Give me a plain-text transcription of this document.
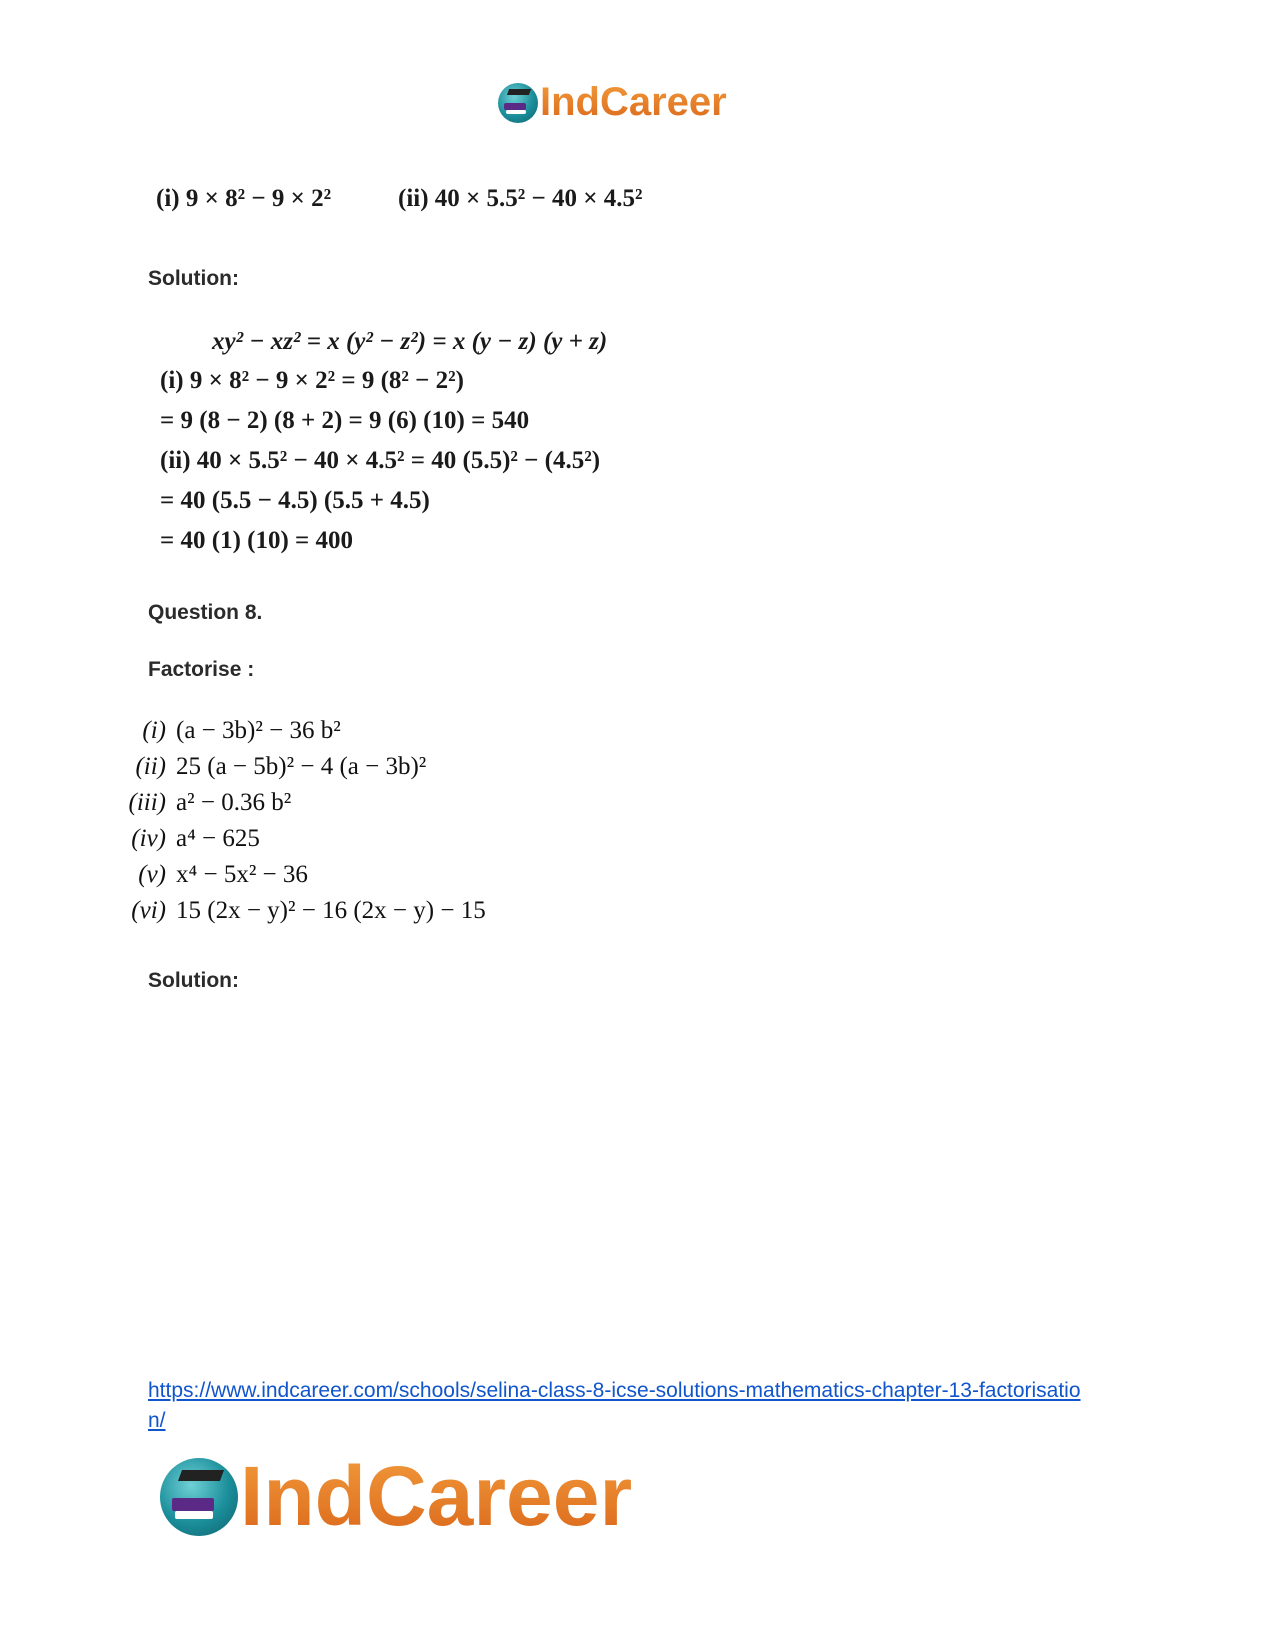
IndCareer
(i) 9 × 8² − 9 × 2²	(ii) 40 × 5.5² − 40 × 4.5²
Solution:
xy² − xz² = x (y² − z²) = x (y − z) (y + z)
(i) 9 × 8² − 9 × 2² = 9 (8² − 2²)
= 9 (8 − 2) (8 + 2) = 9 (6) (10) = 540
(ii) 40 × 5.5² − 40 × 4.5² = 40 (5.5)² − (4.5²)
= 40 (5.5 − 4.5) (5.5 + 4.5)
= 40 (1) (10) = 400
Question 8.
Factorise :
(i) (a − 3b)² − 36 b²
(ii) 25 (a − 5b)² − 4 (a − 3b)²
(iii) a² − 0.36 b²
(iv) a⁴ − 625
(v) x⁴ − 5x² − 36
(vi) 15 (2x − y)² − 16 (2x − y) − 15
Solution:
https://www.indcareer.com/schools/selina-class-8-icse-solutions-mathematics-chapter-13-factorisation/
IndCareer
